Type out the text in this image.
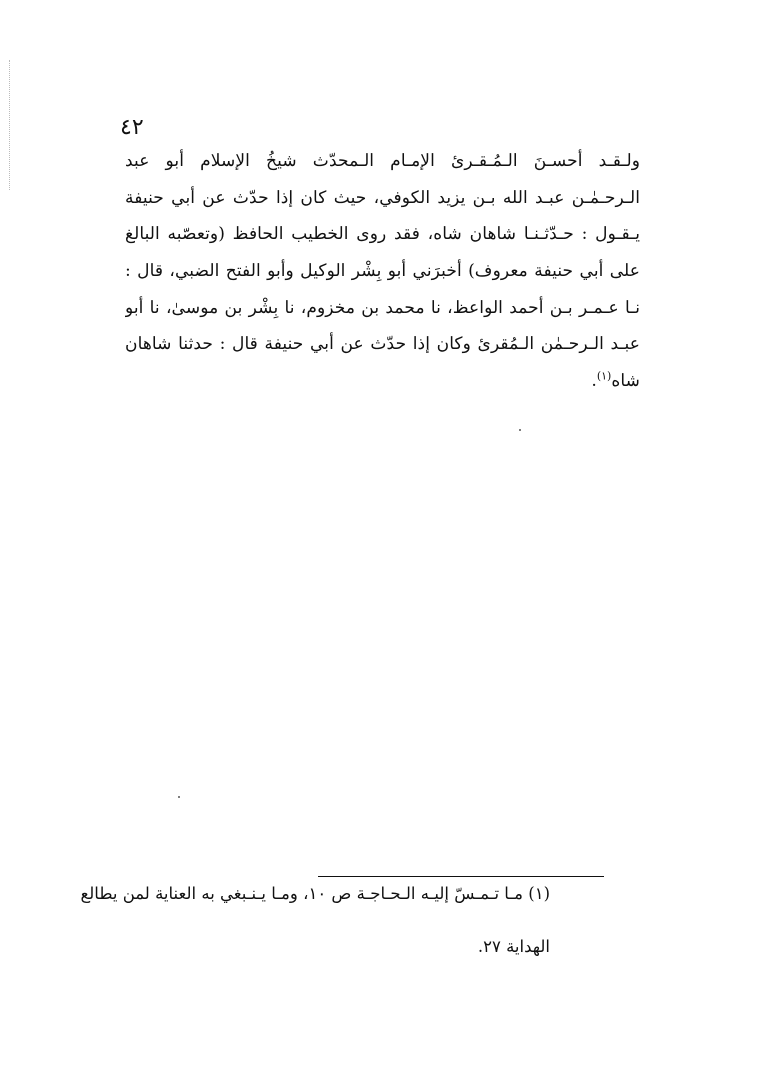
٤٢
ولـقـد أحسـنَ الـمُـقـرئ الإمـام الـمحدّث شيخُ الإسلام أبو عبد
الـرحـمٰـن عبـد الله بـن يزيد الكوفي، حيث كان إذا حدّث عن أبي حنيفة
يـقـول : حـدّثـنـا شاهان شاه، فقد روى الخطيب الحافظ (وتعصّبه البالغ
على أبي حنيفة معروف) أخبرَني أبو بِشْر الوكيل وأبو الفتح الضبي، قال :
نـا عـمـر بـن أحمد الواعظ، نا محمد بن مخزوم، نا بِشْر بن موسىٰ، نا أبو
عبـد الـرحـمٰن الـمُقرئ وكان إذا حدّث عن أبي حنيفة قال : حدثنا شاهان
شاه$^{(١)}$.
(١) مـا تـمـسّ إليـه الـحـاجـة ص ١٠، ومـا يـنـبغي به العناية لمن يطالع
الهداية ٢٧.
